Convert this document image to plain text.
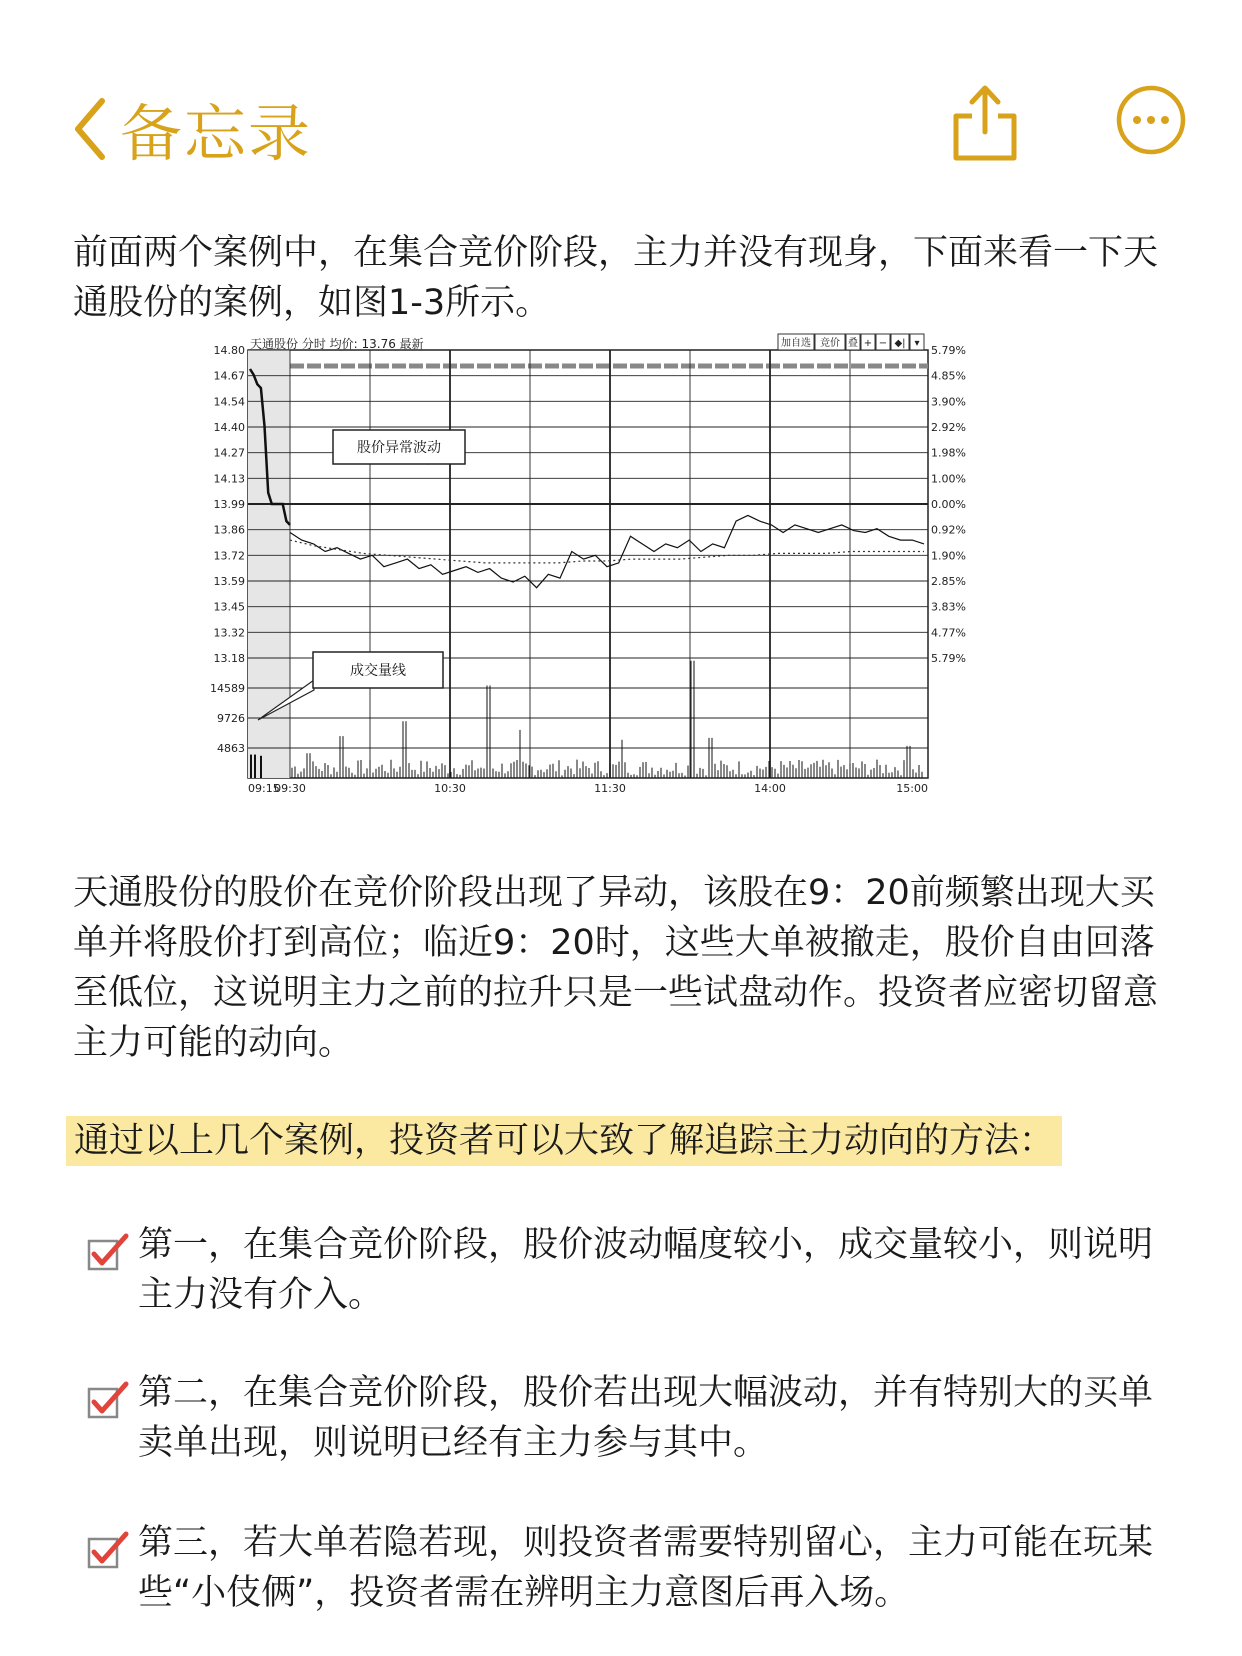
备忘录

前面两个案例中，在集合竞价阶段，主力并没有现身，下面来看一下天通股份的案例，如图1-3所示。

天通股份 分时 均价: 13.76 最新	加自选 竞价 叠 + − ◆| ▾
14.80	5.79%
14.67	4.85%
14.54	3.90%
14.40	2.92%
14.27	1.98%
14.13	1.00%
13.99	0.00%
13.86	0.92%
13.72	1.90%
13.59	2.85%
13.45	3.83%
13.32	4.77%
13.18	5.79%
14589
9726
4863
09:15
09:30	10:30	11:30	14:00	15:00
股价异常波动
成交量线

天通股份的股价在竞价阶段出现了异动，该股在9：20前频繁出现大买单并将股价打到高位；临近9：20时，这些大单被撤走，股价自由回落至低位，这说明主力之前的拉升只是一些试盘动作。投资者应密切留意主力可能的动向。

通过以上几个案例，投资者可以大致了解追踪主力动向的方法：

第一，在集合竞价阶段，股价波动幅度较小，成交量较小，则说明主力没有介入。

第二，在集合竞价阶段，股价若出现大幅波动，并有特别大的买单卖单出现，则说明已经有主力参与其中。

第三，若大单若隐若现，则投资者需要特别留心，主力可能在玩某些“小伎俩”，投资者需在辨明主力意图后再入场。
